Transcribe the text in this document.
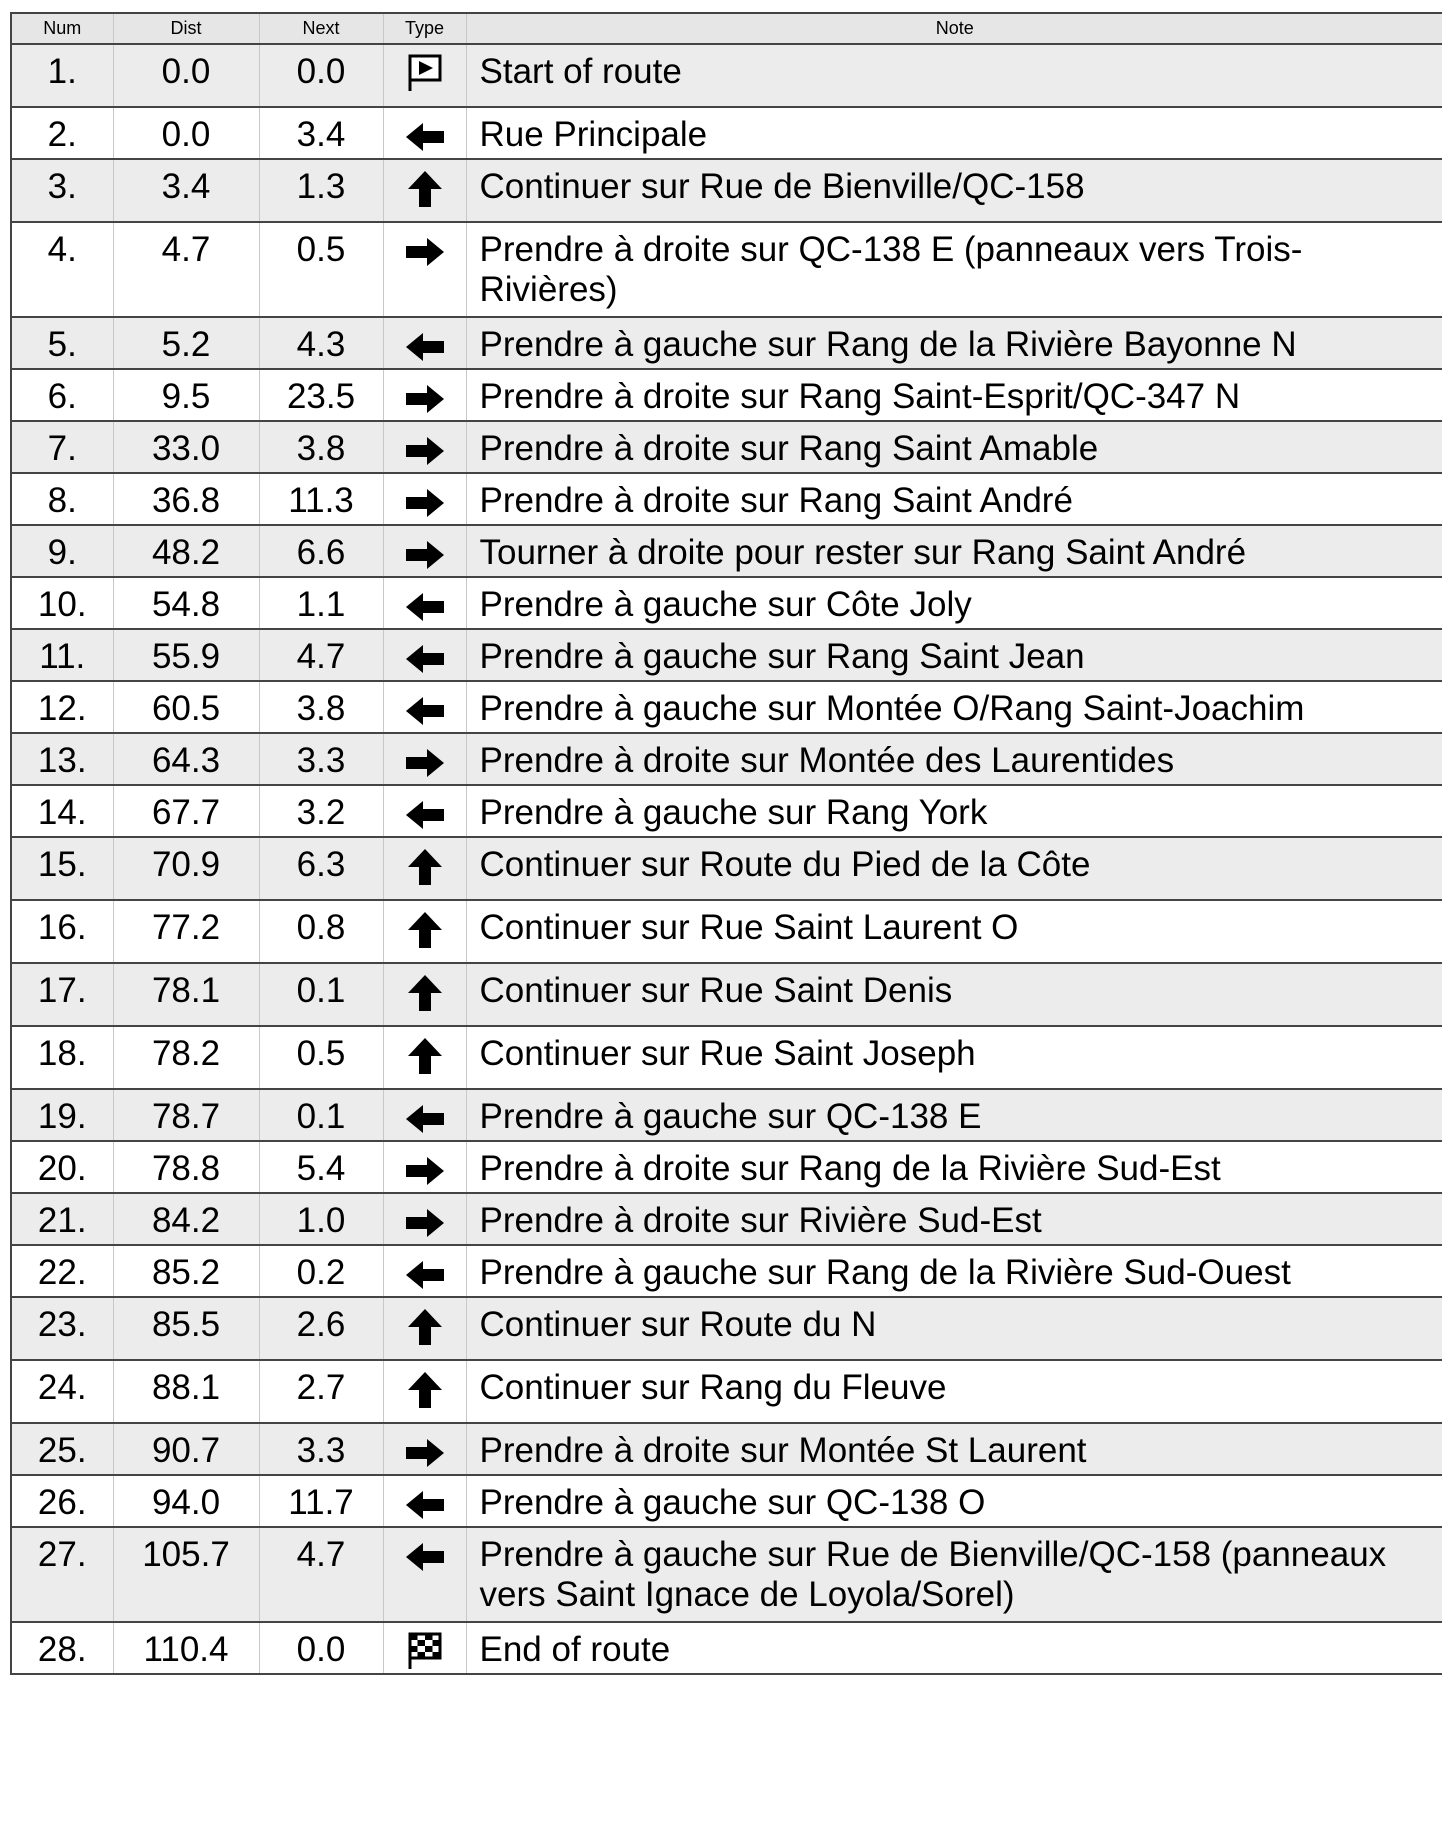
Num	Dist	Next	Type	Note
1.	0.0	0.0		Start of route
2.	0.0	3.4		Rue Principale
3.	3.4	1.3		Continuer sur Rue de Bienville/QC-158
4.	4.7	0.5		Prendre à droite sur QC-138 E (panneaux vers Trois-Rivières)
5.	5.2	4.3		Prendre à gauche sur Rang de la Rivière Bayonne N
6.	9.5	23.5		Prendre à droite sur Rang Saint-Esprit/QC-347 N
7.	33.0	3.8		Prendre à droite sur Rang Saint Amable
8.	36.8	11.3		Prendre à droite sur Rang Saint André
9.	48.2	6.6		Tourner à droite pour rester sur Rang Saint André
10.	54.8	1.1		Prendre à gauche sur Côte Joly
11.	55.9	4.7		Prendre à gauche sur Rang Saint Jean
12.	60.5	3.8		Prendre à gauche sur Montée O/Rang Saint-Joachim
13.	64.3	3.3		Prendre à droite sur Montée des Laurentides
14.	67.7	3.2		Prendre à gauche sur Rang York
15.	70.9	6.3		Continuer sur Route du Pied de la Côte
16.	77.2	0.8		Continuer sur Rue Saint Laurent O
17.	78.1	0.1		Continuer sur Rue Saint Denis
18.	78.2	0.5		Continuer sur Rue Saint Joseph
19.	78.7	0.1		Prendre à gauche sur QC-138 E
20.	78.8	5.4		Prendre à droite sur Rang de la Rivière Sud-Est
21.	84.2	1.0		Prendre à droite sur Rivière Sud-Est
22.	85.2	0.2		Prendre à gauche sur Rang de la Rivière Sud-Ouest
23.	85.5	2.6		Continuer sur Route du N
24.	88.1	2.7		Continuer sur Rang du Fleuve
25.	90.7	3.3		Prendre à droite sur Montée St Laurent
26.	94.0	11.7		Prendre à gauche sur QC-138 O
27.	105.7	4.7		Prendre à gauche sur Rue de Bienville/QC-158 (panneaux vers Saint Ignace de Loyola/Sorel)
28.	110.4	0.0		End of route
